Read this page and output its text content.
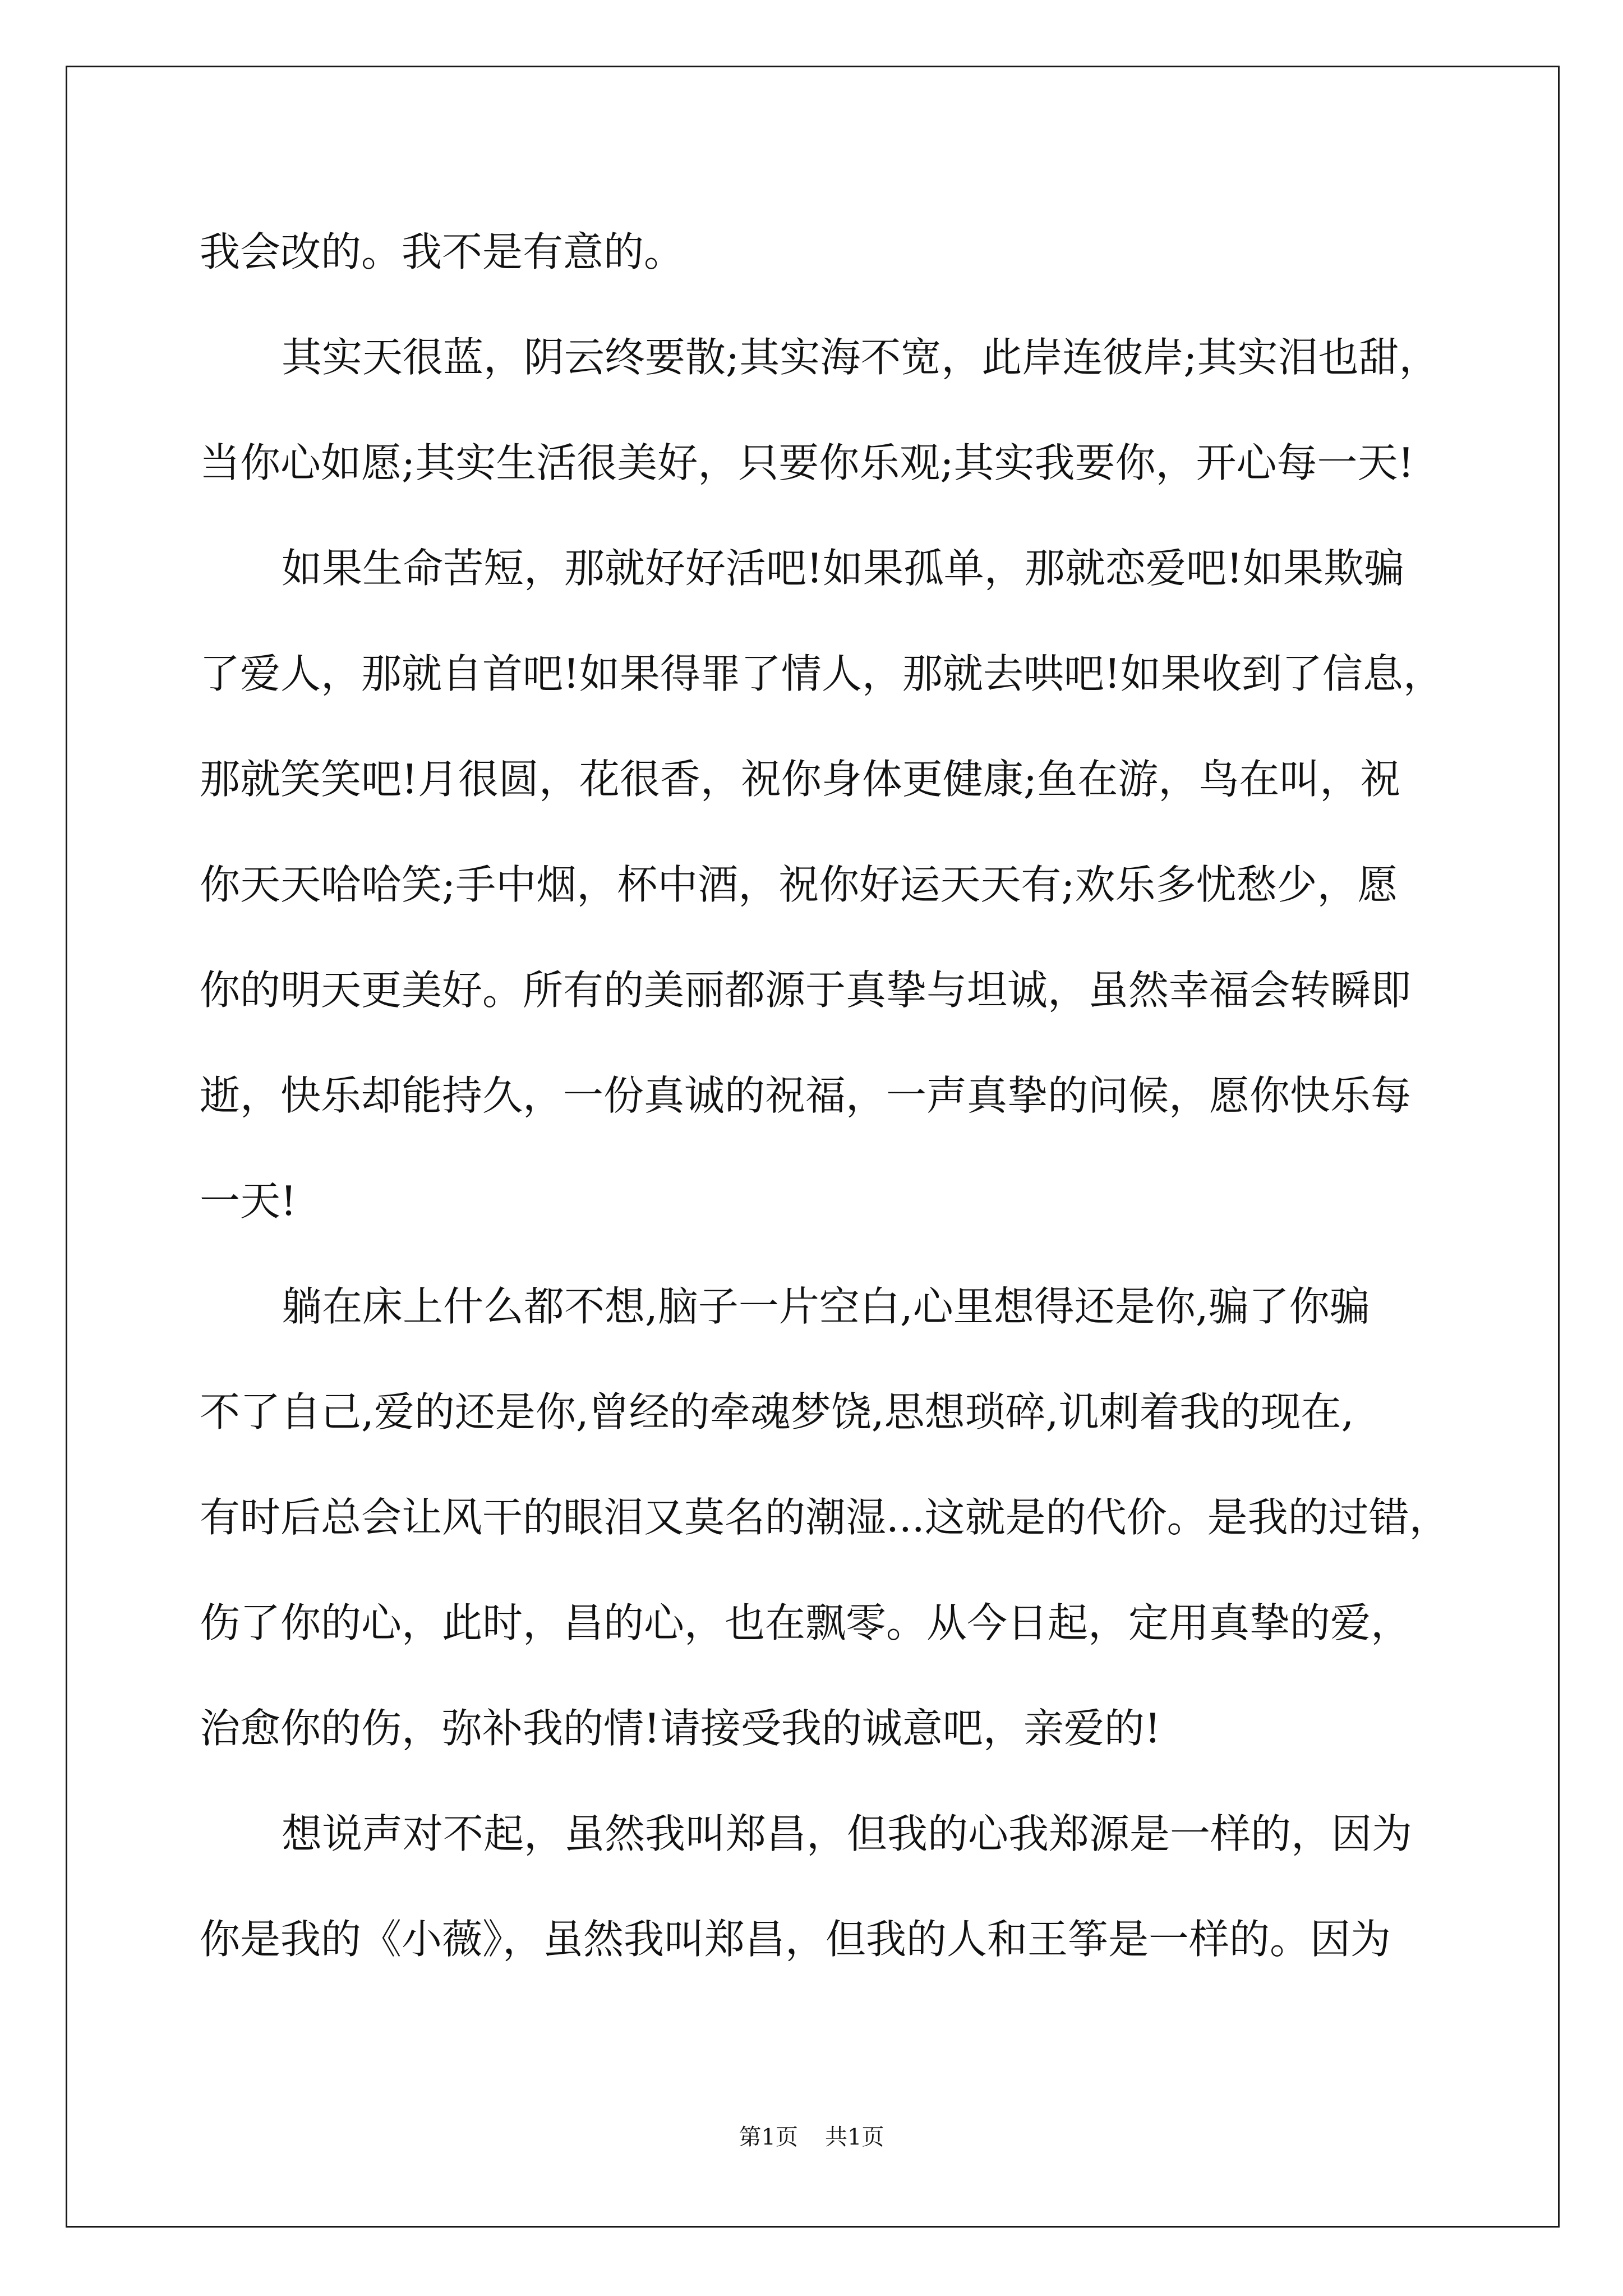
我会改的。我不是有意的。
其实天很蓝，阴云终要散;其实海不宽，此岸连彼岸;其实泪也甜，
当你心如愿;其实生活很美好，只要你乐观;其实我要你，开心每一天!
如果生命苦短，那就好好活吧!如果孤单，那就恋爱吧!如果欺骗
了爱人，那就自首吧!如果得罪了情人，那就去哄吧!如果收到了信息，
那就笑笑吧!月很圆，花很香，祝你身体更健康;鱼在游，鸟在叫，祝
你天天哈哈笑;手中烟，杯中酒，祝你好运天天有;欢乐多忧愁少，愿
你的明天更美好。所有的美丽都源于真挚与坦诚，虽然幸福会转瞬即
逝，快乐却能持久，一份真诚的祝福，一声真挚的问候，愿你快乐每
一天!
躺在床上什么都不想,脑子一片空白,心里想得还是你,骗了你骗
不了自己,爱的还是你,曾经的牵魂梦饶,思想琐碎,讥刺着我的现在,
有时后总会让风干的眼泪又莫名的潮湿...这就是的代价。是我的过错，
伤了你的心，此时，昌的心，也在飘零。从今日起，定用真挚的爱，
治愈你的伤，弥补我的情!请接受我的诚意吧，亲爱的!
想说声对不起，虽然我叫郑昌，但我的心我郑源是一样的，因为
你是我的《小薇》，虽然我叫郑昌，但我的人和王筝是一样的。因为
第1页 共1页
